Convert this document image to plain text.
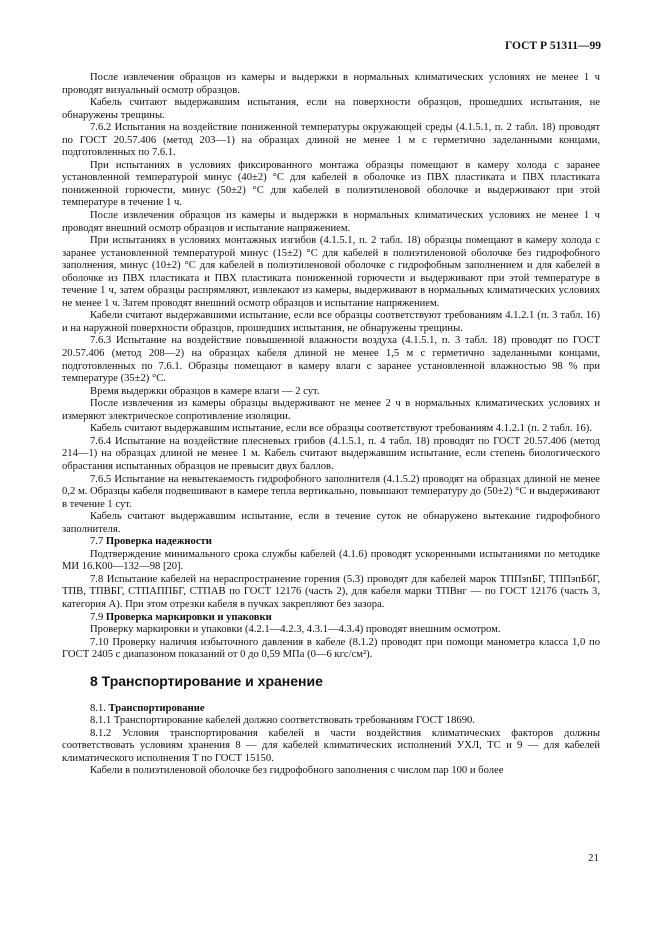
ГОСТ Р 51311—99

После извлечения образцов из камеры и выдержки в нормальных климатических условиях не менее 1 ч проводят визуальный осмотр образцов.

Кабель считают выдержавшим испытания, если на поверхности образцов, прошедших испытания, не обнаружены трещины.

7.6.2 Испытания на воздействие пониженной температуры окружающей среды (4.1.5.1, п. 2 табл. 18) проводят по ГОСТ 20.57.406 (метод 203—1) на образцах длиной не менее 1 м с герметично заделанными концами, подготовленных по 7.6.1.

При испытаниях в условиях фиксированного монтажа образцы помещают в камеру холода с заранее установленной температурой минус (40±2) °С для кабелей в оболочке из ПВХ пластиката и ПВХ пластиката пониженной горючести, минус (50±2) °С для кабелей в полиэтиленовой оболочке и выдерживают при этой температуре в течение 1 ч.

После извлечения образцов из камеры и выдержки в нормальных климатических условиях не менее 1 ч проводят внешний осмотр образцов и испытание напряжением.

При испытаниях в условиях монтажных изгибов (4.1.5.1, п. 2 табл. 18) образцы помещают в камеру холода с заранее установленной температурой минус (15±2) °С для кабелей в полиэтиленовой оболочке без гидрофобного заполнения, минус (10±2) °С для кабелей в полиэтиленовой оболочке с гидрофобным заполнением и для кабелей в оболочке из ПВХ пластиката и ПВХ пластиката пониженной горючести и выдерживают при этой температуре в течение 1 ч, затем образцы распрямляют, извлекают из камеры, выдерживают в нормальных климатических условиях не менее 1 ч. Затем проводят внешний осмотр образцов и испытание напряжением.

Кабели считают выдержавшими испытание, если все образцы соответствуют требованиям 4.1.2.1 (п. 3 табл. 16) и на наружной поверхности образцов, прошедших испытания, не обнаружены трещины.

7.6.3 Испытание на воздействие повышенной влажности воздуха (4.1.5.1, п. 3 табл. 18) проводят по ГОСТ 20.57.406 (метод 208—2) на образцах кабеля длиной не менее 1,5 м с герметично заделанными концами, подготовленных по 7.6.1. Образцы помещают в камеру влаги с заранее установленной влажностью 98 % при температуре (35±2) °С.

Время выдержки образцов в камере влаги — 2 сут.

После извлечения из камеры образцы выдерживают не менее 2 ч в нормальных климатических условиях и измеряют электрическое сопротивление изоляции.

Кабель считают выдержавшим испытание, если все образцы соответствуют требованиям 4.1.2.1 (п. 2 табл. 16).

7.6.4 Испытание на воздействие плесневых грибов (4.1.5.1, п. 4 табл. 18) проводят по ГОСТ 20.57.406 (метод 214—1) на образцах длиной не менее 1 м. Кабель считают выдержавшим испытание, если степень биологического обрастания испытанных образцов не превысит двух баллов.

7.6.5 Испытание на невытекаемость гидрофобного заполнителя (4.1.5.2) проводят на образцах длиной не менее 0,2 м. Образцы кабеля подвешивают в камере тепла вертикально, повышают температуру до (50±2) °С и выдерживают в течение 1 сут.

Кабель считают выдержавшим испытание, если в течение суток не обнаружено вытекание гидрофобного заполнителя.

7.7 Проверка надежности

Подтверждение минимального срока службы кабелей (4.1.6) проводят ускоренными испытаниями по методике МИ 16.К00—132—98 [20].

7.8 Испытание кабелей на нераспространение горения (5.3) проводят для кабелей марок ТППэпБГ, ТППэпБбГ, ТПВ, ТПВБГ, СТПАППБГ, СТПАВ по ГОСТ 12176 (часть 2), для кабеля марки ТПВнг — по ГОСТ 12176 (часть 3, категория А). При этом отрезки кабеля в пучках закрепляют без зазора.

7.9 Проверка маркировки и упаковки

Проверку маркировки и упаковки (4.2.1—4.2.3, 4.3.1—4.3.4) проводят внешним осмотром.

7.10 Проверку наличия избыточного давления в кабеле (8.1.2) проводят при помощи манометра класса 1,0 по ГОСТ 2405 с диапазоном показаний от 0 до 0,59 МПа (0—6 кгс/см²).

8 Транспортирование и хранение

8.1. Транспортирование

8.1.1 Транспортирование кабелей должно соответствовать требованиям ГОСТ 18690.

8.1.2 Условия транспортирования кабелей в части воздействия климатических факторов должны соответствовать условиям хранения 8 — для кабелей климатических исполнений УХЛ, ТС и 9 — для кабелей климатического исполнения Т по ГОСТ 15150.

Кабели в полиэтиленовой оболочке без гидрофобного заполнения с числом пар 100 и более

21
